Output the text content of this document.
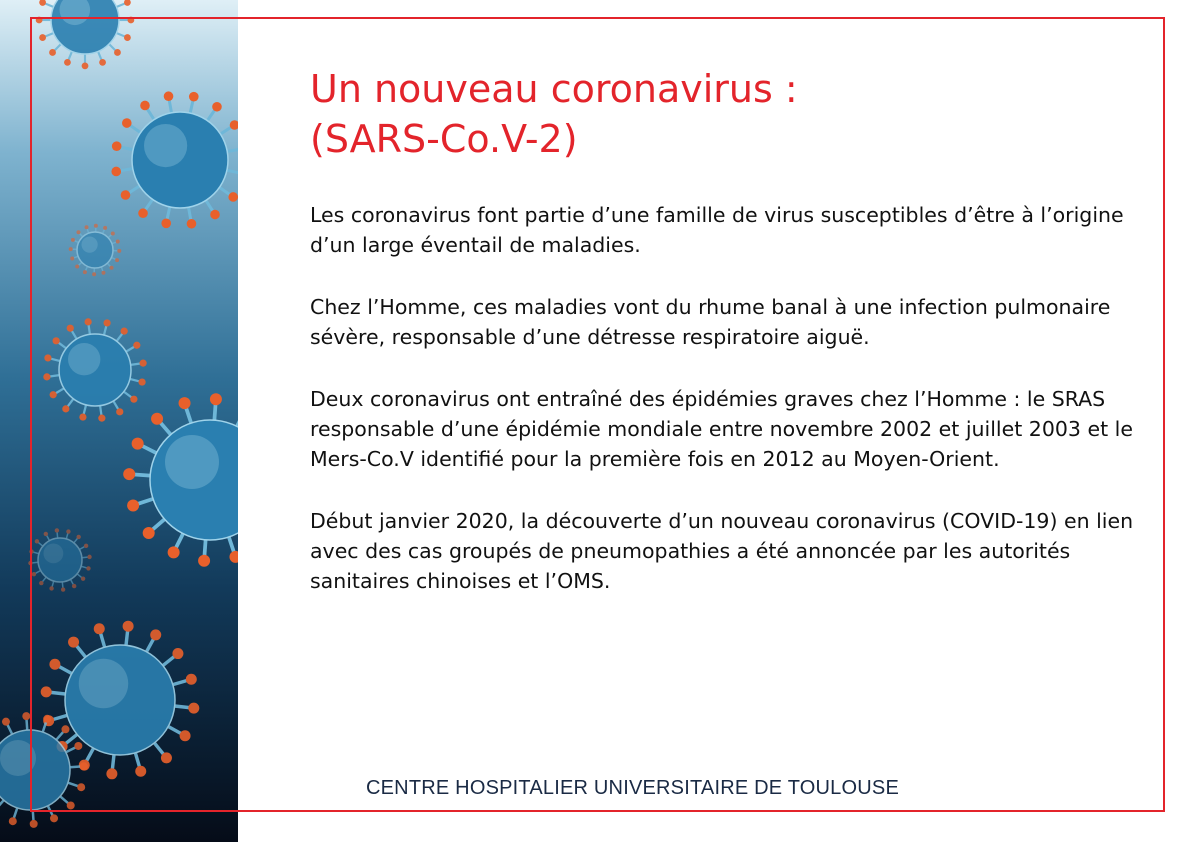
Un nouveau coronavirus :
(SARS-Co.V-2)

Les coronavirus font partie d’une famille de virus susceptibles d’être à l’origine d’un large éventail de maladies.

Chez l’Homme, ces maladies vont du rhume banal à une infection pulmonaire sévère, responsable d’une détresse respiratoire aiguë.

Deux coronavirus ont entraîné des épidémies graves chez l’Homme : le SRAS responsable d’une épidémie mondiale entre novembre 2002 et juillet 2003 et le Mers-Co.V identifié pour la première fois en 2012 au Moyen-Orient.

Début janvier 2020, la découverte d’un nouveau coronavirus (COVID-19) en lien avec des cas groupés de pneumopathies a été annoncée par les autorités sanitaires chinoises et l’OMS.

CENTRE HOSPITALIER UNIVERSITAIRE DE TOULOUSE
